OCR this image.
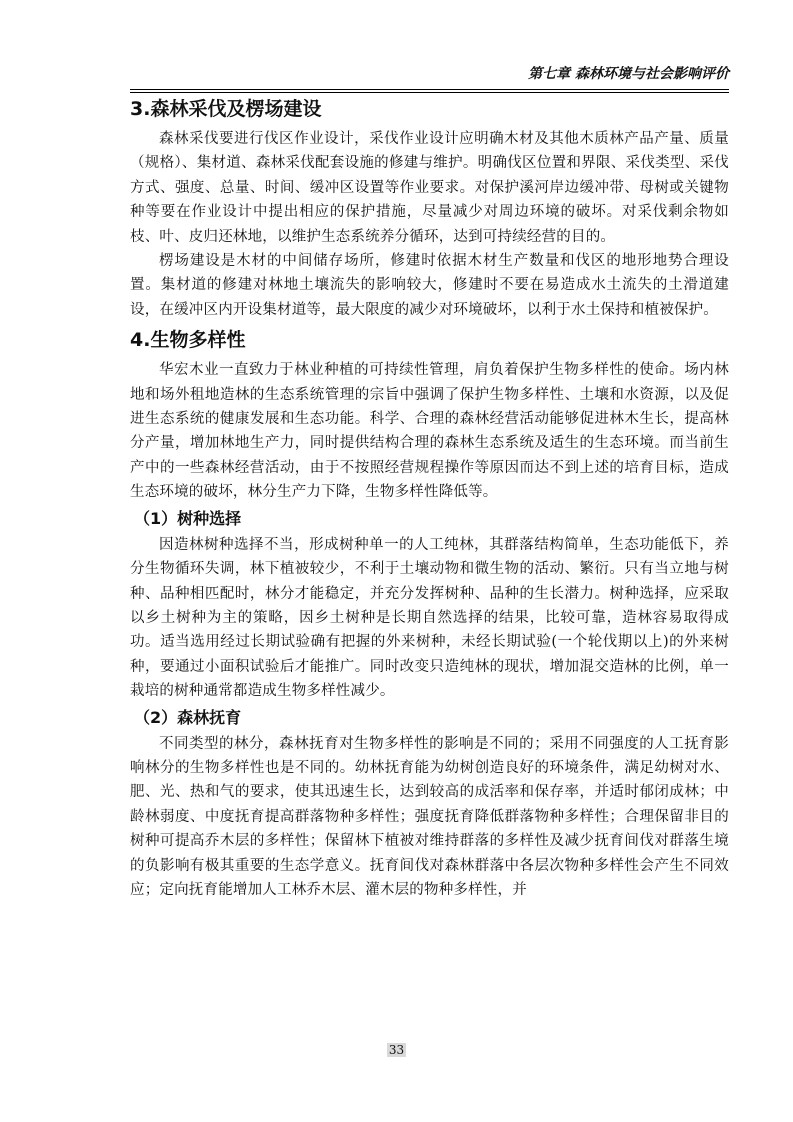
第七章 森林环境与社会影响评价
3.森林采伐及楞场建设

森林采伐要进行伐区作业设计，采伐作业设计应明确木材及其他木质林产品产量、质量（规格）、集材道、森林采伐配套设施的修建与维护。明确伐区位置和界限、采伐类型、采伐方式、强度、总量、时间、缓冲区设置等作业要求。对保护溪河岸边缓冲带、母树或关键物种等要在作业设计中提出相应的保护措施，尽量减少对周边环境的破坏。对采伐剩余物如枝、叶、皮归还林地，以维护生态系统养分循环，达到可持续经营的目的。

楞场建设是木材的中间储存场所，修建时依据木材生产数量和伐区的地形地势合理设置。集材道的修建对林地土壤流失的影响较大，修建时不要在易造成水土流失的土滑道建设，在缓冲区内开设集材道等，最大限度的减少对环境破坏，以利于水土保持和植被保护。

4.生物多样性

华宏木业一直致力于林业种植的可持续性管理，肩负着保护生物多样性的使命。场内林地和场外租地造林的生态系统管理的宗旨中强调了保护生物多样性、土壤和水资源，以及促进生态系统的健康发展和生态功能。科学、合理的森林经营活动能够促进林木生长，提高林分产量，增加林地生产力，同时提供结构合理的森林生态系统及适生的生态环境。而当前生产中的一些森林经营活动，由于不按照经营规程操作等原因而达不到上述的培育目标，造成生态环境的破坏，林分生产力下降，生物多样性降低等。

（1）树种选择

因造林树种选择不当，形成树种单一的人工纯林，其群落结构简单，生态功能低下，养分生物循环失调，林下植被较少，不利于土壤动物和微生物的活动、繁衍。只有当立地与树种、品种相匹配时，林分才能稳定，并充分发挥树种、品种的生长潜力。树种选择，应采取以乡土树种为主的策略，因乡土树种是长期自然选择的结果，比较可靠，造林容易取得成功。适当选用经过长期试验确有把握的外来树种，未经长期试验(一个轮伐期以上)的外来树种，要通过小面积试验后才能推广。同时改变只造纯林的现状，增加混交造林的比例，单一栽培的树种通常都造成生物多样性减少。

（2）森林抚育

不同类型的林分，森林抚育对生物多样性的影响是不同的；采用不同强度的人工抚育影响林分的生物多样性也是不同的。幼林抚育能为幼树创造良好的环境条件，满足幼树对水、肥、光、热和气的要求，使其迅速生长，达到较高的成活率和保存率，并适时郁闭成林；中龄林弱度、中度抚育提高群落物种多样性；强度抚育降低群落物种多样性；合理保留非目的树种可提高乔木层的多样性；保留林下植被对维持群落的多样性及减少抚育间伐对群落生境的负影响有极其重要的生态学意义。抚育间伐对森林群落中各层次物种多样性会产生不同效应；定向抚育能增加人工林乔木层、灌木层的物种多样性，并

33
